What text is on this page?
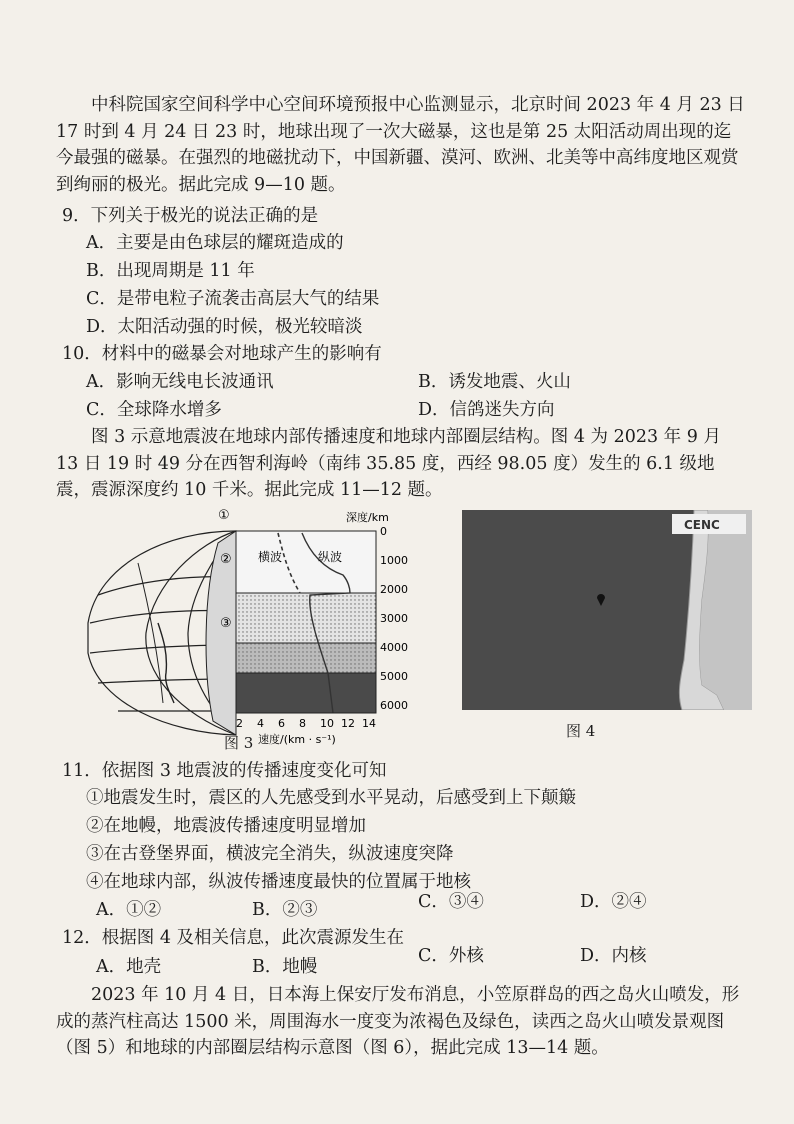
中科院国家空间科学中心空间环境预报中心监测显示，北京时间 2023 年 4 月 23 日 17 时到 4 月 24 日 23 时，地球出现了一次大磁暴，这也是第 25 太阳活动周出现的迄今最强的磁暴。在强烈的地磁扰动下，中国新疆、漠河、欧洲、北美等中高纬度地区观赏到绚丽的极光。据此完成 9—10 题。

9．下列关于极光的说法正确的是
A．主要是由色球层的耀斑造成的
B．出现周期是 11 年
C．是带电粒子流袭击高层大气的结果
D．太阳活动强的时候，极光较暗淡
10．材料中的磁暴会对地球产生的影响有
A．影响无线电长波通讯	B．诱发地震、火山
C．全球降水增多	D．信鸽迷失方向

图 3 示意地震波在地球内部传播速度和地球内部圈层结构。图 4 为 2023 年 9 月 13 日 19 时 49 分在西智利海岭（南纬 35.85 度，西经 98.05 度）发生的 6.1 级地震，震源深度约 10 千米。据此完成 11—12 题。

深度/km
0
1000
2000
3000
4000
5000
6000
2 4 6 8 10 12 14
速度/(km · s⁻¹)
①
②
③
横波	纵波
图 3
CENC
图 4
11．依据图 3 地震波的传播速度变化可知
①地震发生时，震区的人先感受到水平晃动，后感受到上下颠簸
②在地幔，地震波传播速度明显增加
③在古登堡界面，横波完全消失，纵波速度突降
④在地球内部，纵波传播速度最快的位置属于地核
A．①②	B．②③	C．③④	D．②④
12．根据图 4 及相关信息，此次震源发生在
A．地壳	B．地幔
C．外核	D．内核

2023 年 10 月 4 日，日本海上保安厅发布消息，小笠原群岛的西之岛火山喷发，形成的蒸汽柱高达 1500 米，周围海水一度变为浓褐色及绿色，读西之岛火山喷发景观图（图 5）和地球的内部圈层结构示意图（图 6），据此完成 13—14 题。
